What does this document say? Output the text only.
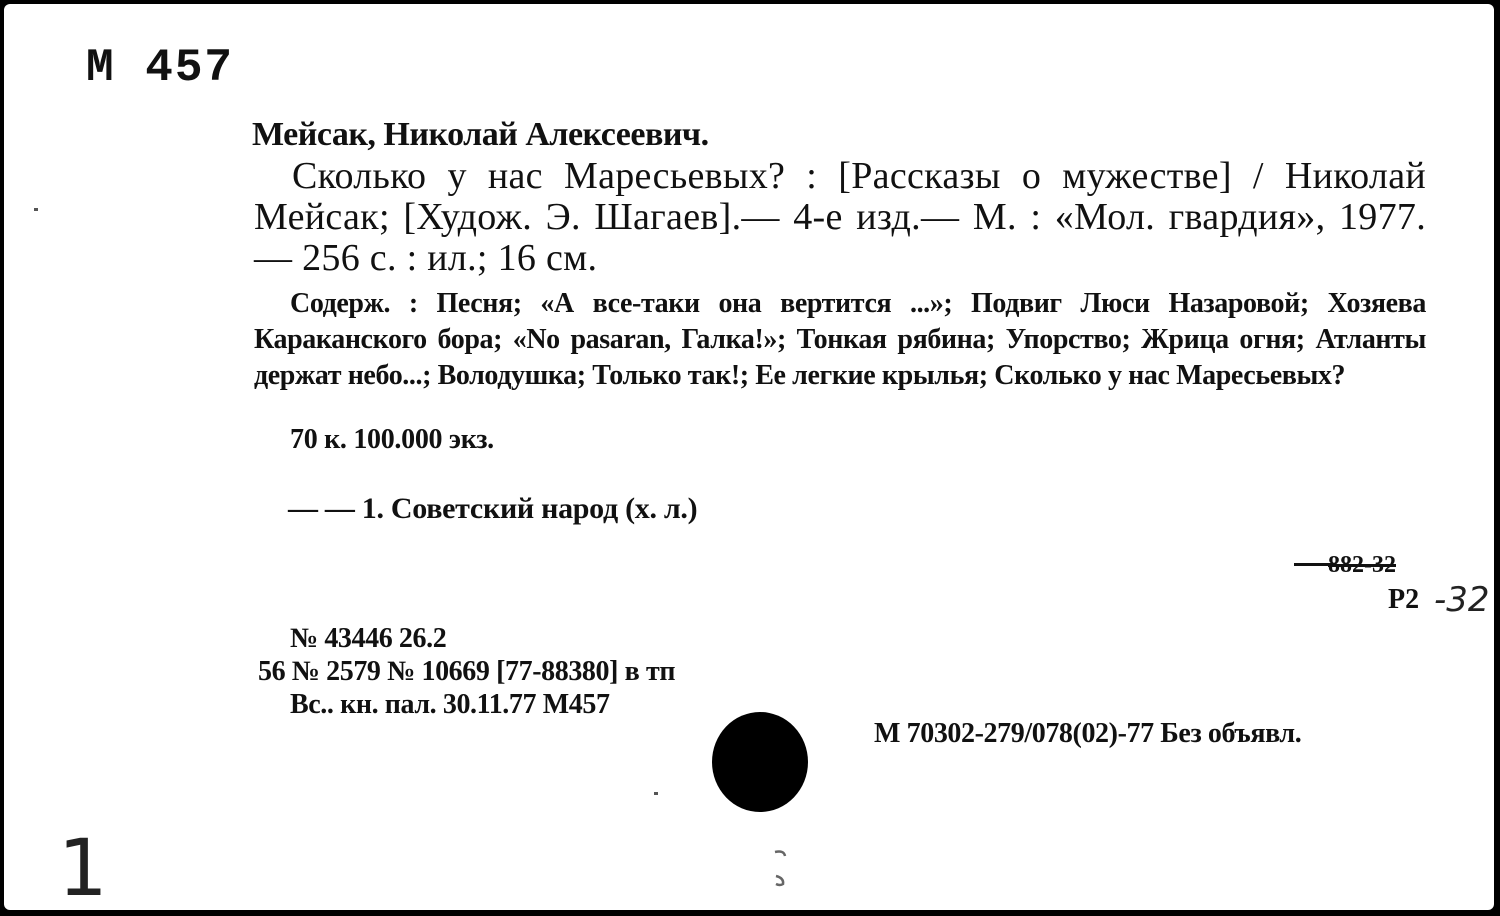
М 457
Мейсак, Николай Алексеевич.
Сколько у нас Маресьевых? : [Рассказы о мужестве] / Николай Мейсак; [Худож. Э. Шагаев].— 4-е изд.— М. : «Мол. гвардия», 1977.— 256 с. : ил.; 16 см.
Содерж. : Песня; «А все-таки она вертится ...»; Подвиг Люси Назаровой; Хозяева Караканского бора; «No pasaran, Галка!»; Тонкая рябина; Упорство; Жрица огня; Атланты держат небо...; Володушка; Только так!; Ее легкие крылья; Сколько у нас Маресьевых?
70 к. 100.000 экз.
— — 1. Советский народ (х. л.)
882-32
Р2 -32
№ 43446 26.2
56 № 2579 № 10669 [77-88380] в тп
Вс.. кн. пал. 30.11.77 М457
М 70302-279/078(02)-77 Без объявл.
1
